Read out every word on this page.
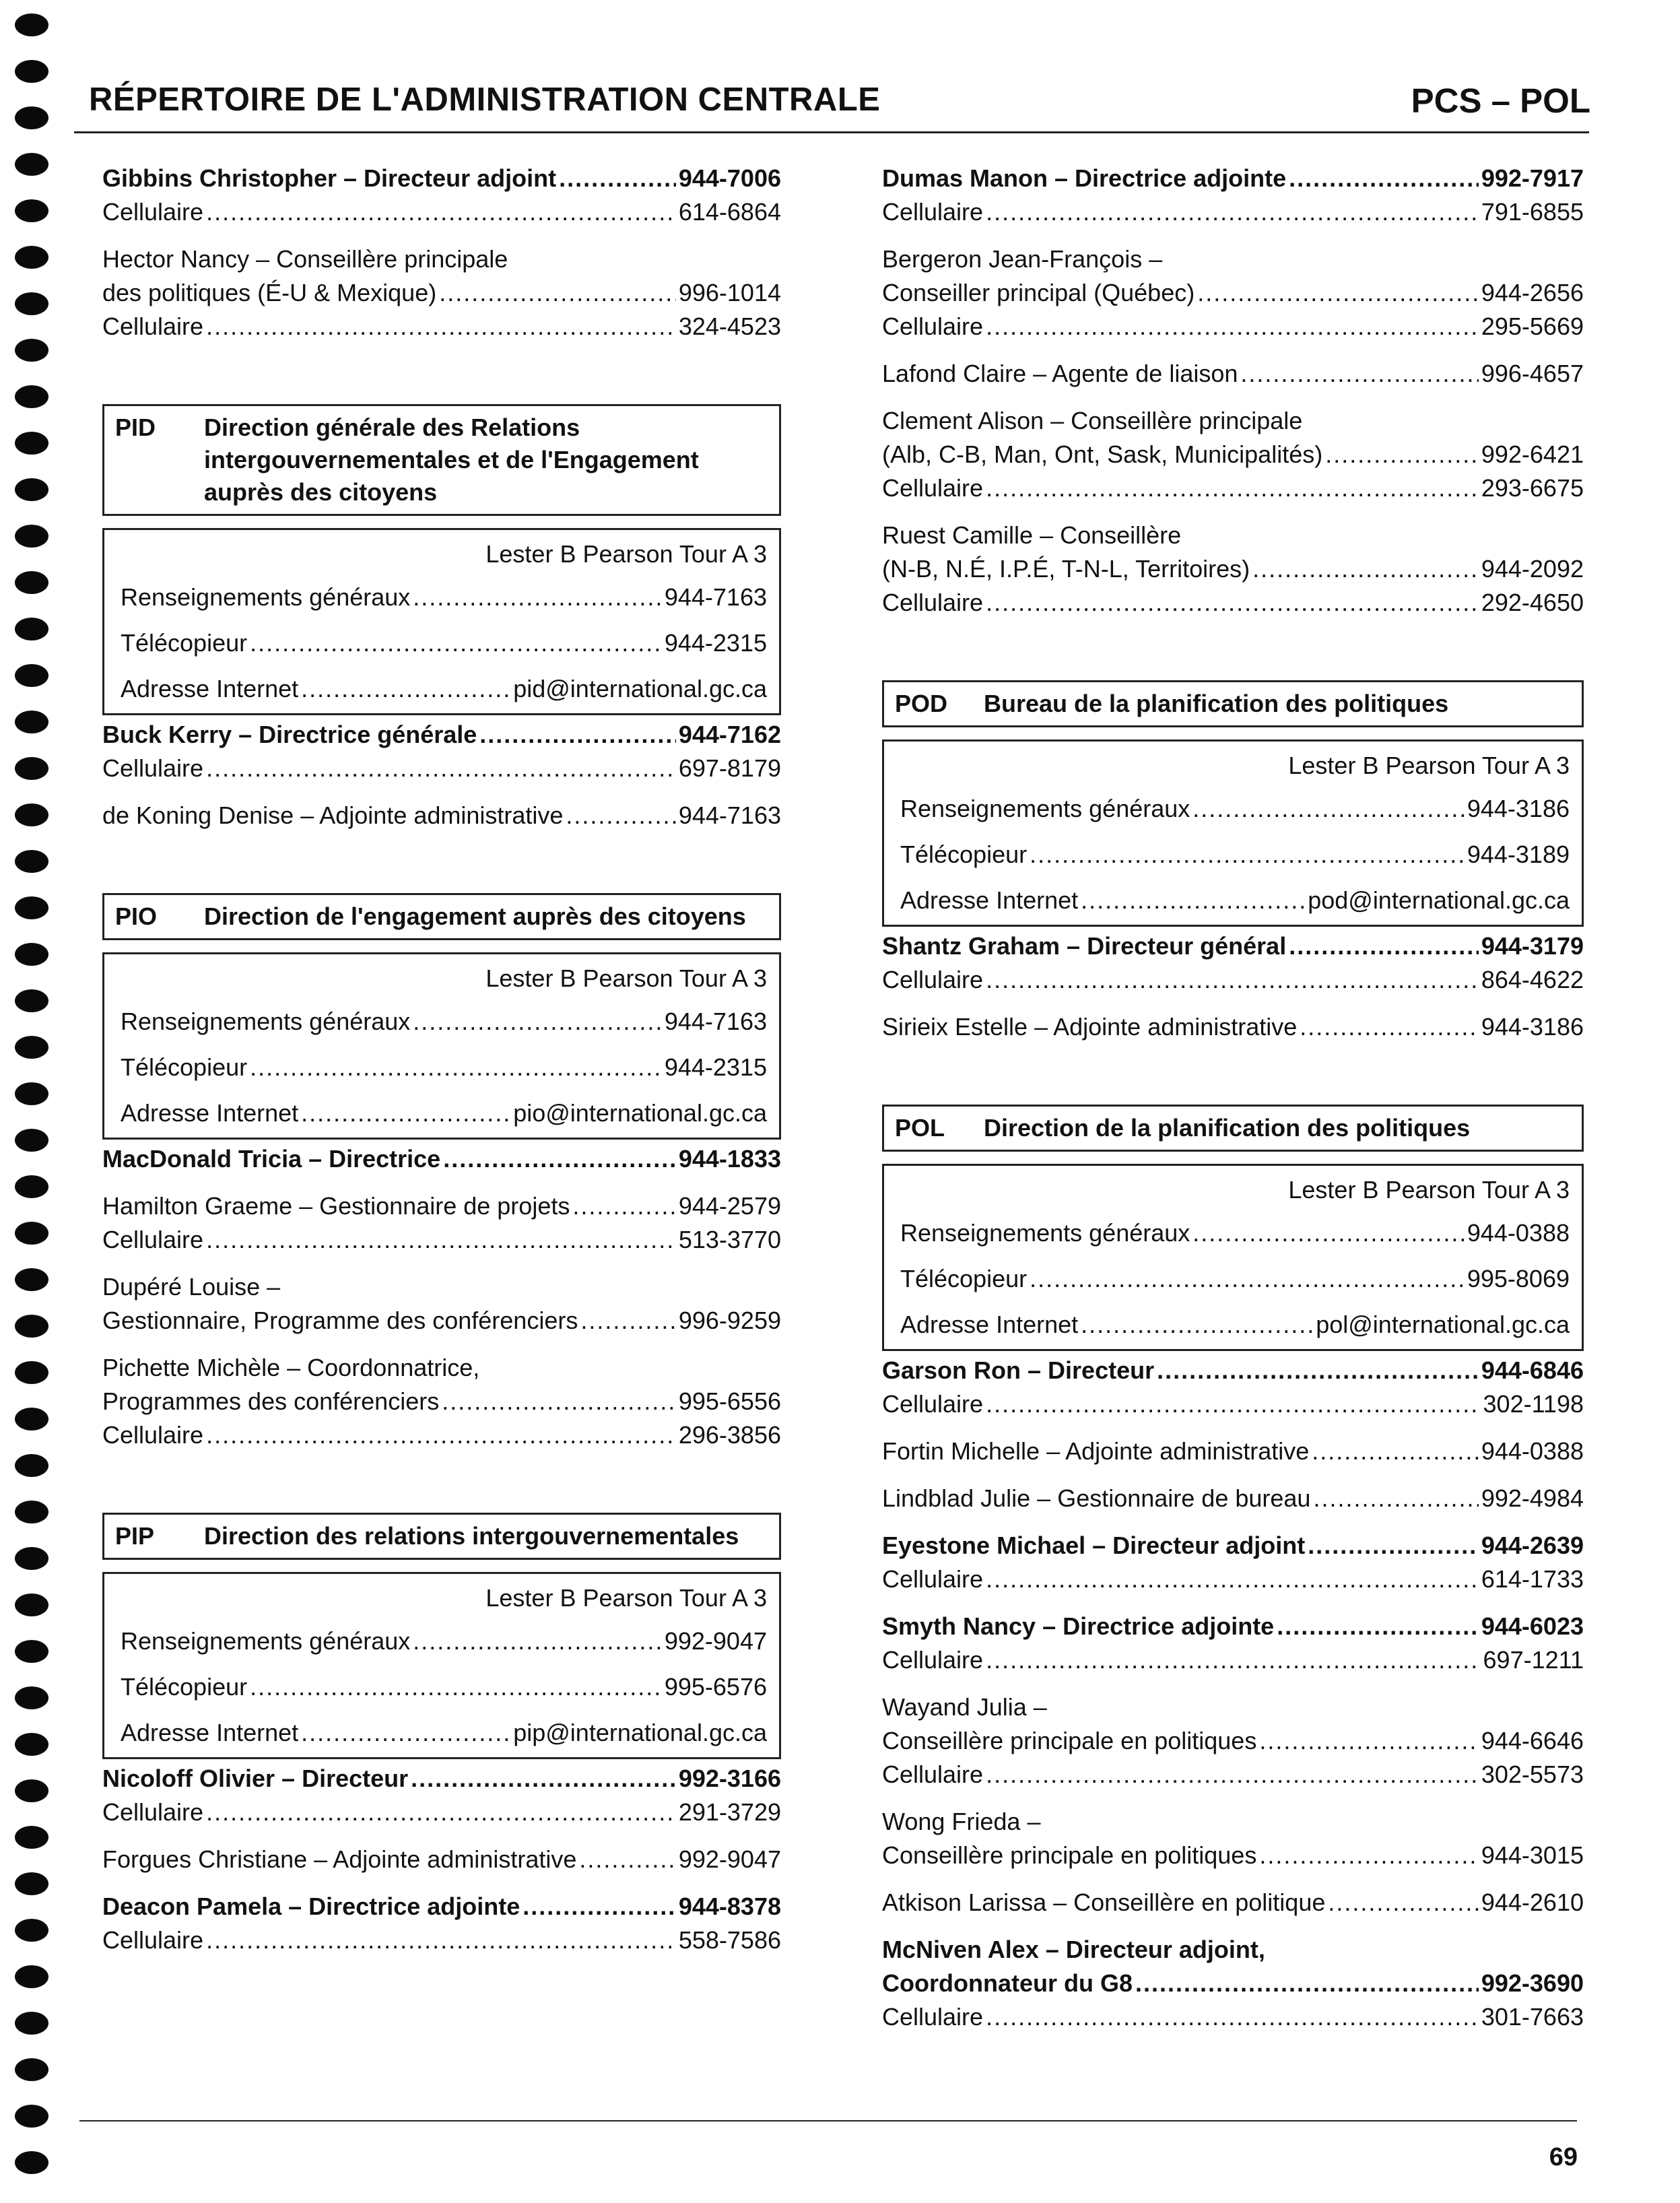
RÉPERTOIRE DE L'ADMINISTRATION CENTRALE	PCS – POL
Gibbins Christopher – Directeur adjoint .....	944-7006
Cellulaire .....	614-6864
Hector Nancy – Conseillère principale
des politiques (É-U & Mexique) .....	996-1014
Cellulaire .....	324-4523
PID	Direction générale des Relations intergouvernementales et de l'Engagement auprès des citoyens
Lester B Pearson Tour A 3
Renseignements généraux .....	944-7163
Télécopieur .....	944-2315
Adresse Internet .....	pid@international.gc.ca
Buck Kerry – Directrice générale .....	944-7162
Cellulaire .....	697-8179
de Koning Denise – Adjointe administrative .....	944-7163
PIO	Direction de l'engagement auprès des citoyens
Lester B Pearson Tour A 3
Renseignements généraux .....	944-7163
Télécopieur .....	944-2315
Adresse Internet .....	pio@international.gc.ca
MacDonald Tricia – Directrice .....	944-1833
Hamilton Graeme – Gestionnaire de projets .....	944-2579
Cellulaire .....	513-3770
Dupéré Louise –
Gestionnaire, Programme des conférenciers .....	996-9259
Pichette Michèle – Coordonnatrice,
Programmes des conférenciers .....	995-6556
Cellulaire .....	296-3856
PIP	Direction des relations intergouvernementales
Lester B Pearson Tour A 3
Renseignements généraux .....	992-9047
Télécopieur .....	995-6576
Adresse Internet .....	pip@international.gc.ca
Nicoloff Olivier – Directeur .....	992-3166
Cellulaire .....	291-3729
Forgues Christiane – Adjointe administrative .....	992-9047
Deacon Pamela – Directrice adjointe .....	944-8378
Cellulaire .....	558-7586
Dumas Manon – Directrice adjointe .....	992-7917
Cellulaire .....	791-6855
Bergeron Jean-François –
Conseiller principal (Québec) .....	944-2656
Cellulaire .....	295-5669
Lafond Claire – Agente de liaison .....	996-4657
Clement Alison – Conseillère principale
(Alb, C-B, Man, Ont, Sask, Municipalités) .....	992-6421
Cellulaire .....	293-6675
Ruest Camille – Conseillère
(N-B, N.É, I.P.É, T-N-L, Territoires) .....	944-2092
Cellulaire .....	292-4650
POD	Bureau de la planification des politiques
Lester B Pearson Tour A 3
Renseignements généraux .....	944-3186
Télécopieur .....	944-3189
Adresse Internet .....	pod@international.gc.ca
Shantz Graham – Directeur général .....	944-3179
Cellulaire .....	864-4622
Sirieix Estelle – Adjointe administrative .....	944-3186
POL	Direction de la planification des politiques
Lester B Pearson Tour A 3
Renseignements généraux .....	944-0388
Télécopieur .....	995-8069
Adresse Internet .....	pol@international.gc.ca
Garson Ron – Directeur .....	944-6846
Cellulaire .....	302-1198
Fortin Michelle – Adjointe administrative .....	944-0388
Lindblad Julie – Gestionnaire de bureau .....	992-4984
Eyestone Michael – Directeur adjoint .....	944-2639
Cellulaire .....	614-1733
Smyth Nancy – Directrice adjointe .....	944-6023
Cellulaire .....	697-1211
Wayand Julia –
Conseillère principale en politiques .....	944-6646
Cellulaire .....	302-5573
Wong Frieda –
Conseillère principale en politiques .....	944-3015
Atkison Larissa – Conseillère en politique .....	944-2610
McNiven Alex – Directeur adjoint,
Coordonnateur du G8 .....	992-3690
Cellulaire .....	301-7663
69
